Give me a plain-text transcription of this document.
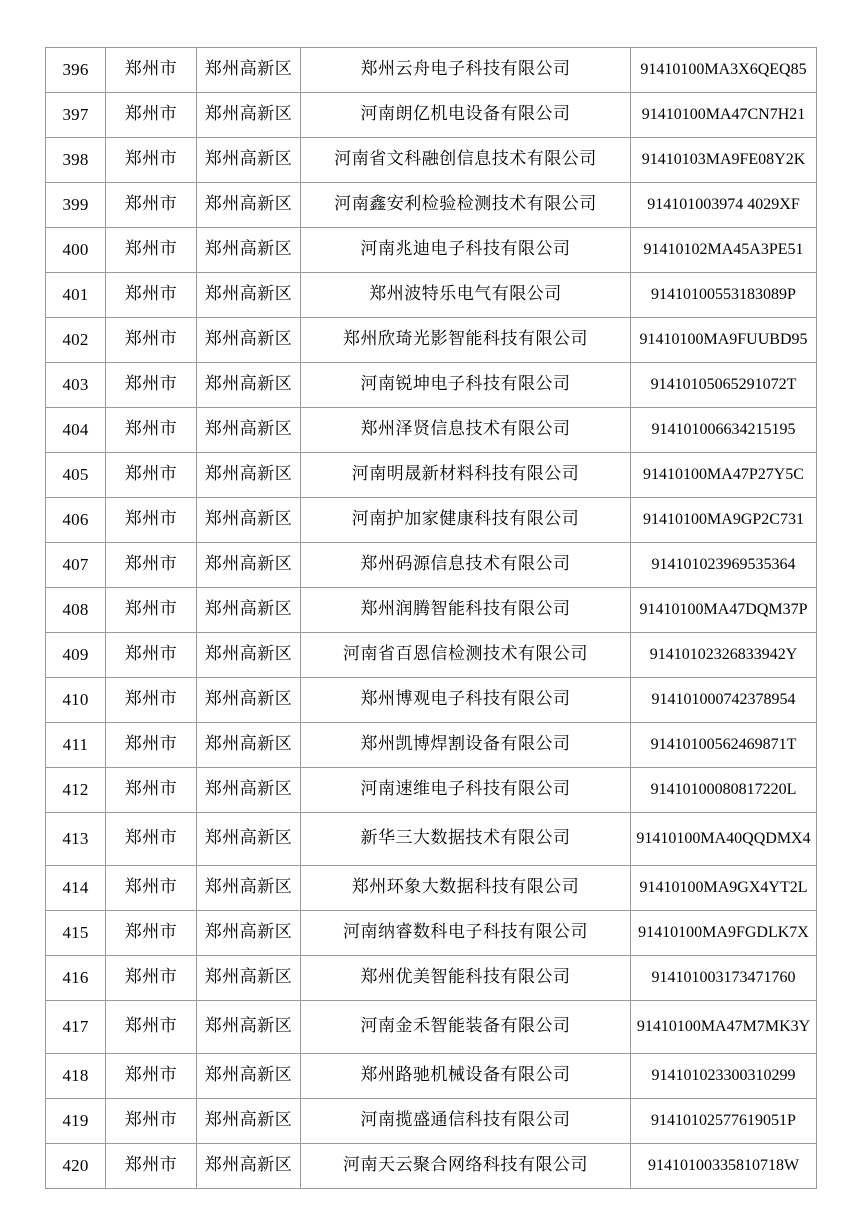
396	郑州市	郑州高新区	郑州云舟电子科技有限公司	91410100MA3X6QEQ85
397	郑州市	郑州高新区	河南朗亿机电设备有限公司	91410100MA47CN7H21
398	郑州市	郑州高新区	河南省文科融创信息技术有限公司	91410103MA9FE08Y2K
399	郑州市	郑州高新区	河南鑫安利检验检测技术有限公司	914101003974 4029XF
400	郑州市	郑州高新区	河南兆迪电子科技有限公司	91410102MA45A3PE51
401	郑州市	郑州高新区	郑州波特乐电气有限公司	91410100553183089P
402	郑州市	郑州高新区	郑州欣琦光影智能科技有限公司	91410100MA9FUUBD95
403	郑州市	郑州高新区	河南锐坤电子科技有限公司	91410105065291072T
404	郑州市	郑州高新区	郑州泽贤信息技术有限公司	914101006634215195
405	郑州市	郑州高新区	河南明晟新材料科技有限公司	91410100MA47P27Y5C
406	郑州市	郑州高新区	河南护加家健康科技有限公司	91410100MA9GP2C731
407	郑州市	郑州高新区	郑州码源信息技术有限公司	914101023969535364
408	郑州市	郑州高新区	郑州润腾智能科技有限公司	91410100MA47DQM37P
409	郑州市	郑州高新区	河南省百恩信检测技术有限公司	91410102326833942Y
410	郑州市	郑州高新区	郑州博观电子科技有限公司	914101000742378954
411	郑州市	郑州高新区	郑州凯博焊割设备有限公司	91410100562469871T
412	郑州市	郑州高新区	河南速维电子科技有限公司	91410100080817220L
413	郑州市	郑州高新区	新华三大数据技术有限公司	91410100MA40QQDMX4
414	郑州市	郑州高新区	郑州环象大数据科技有限公司	91410100MA9GX4YT2L
415	郑州市	郑州高新区	河南纳睿数科电子科技有限公司	91410100MA9FGDLK7X
416	郑州市	郑州高新区	郑州优美智能科技有限公司	914101003173471760
417	郑州市	郑州高新区	河南金禾智能装备有限公司	91410100MA47M7MK3Y
418	郑州市	郑州高新区	郑州路驰机械设备有限公司	914101023300310299
419	郑州市	郑州高新区	河南揽盛通信科技有限公司	91410102577619051P
420	郑州市	郑州高新区	河南天云聚合网络科技有限公司	91410100335810718W
